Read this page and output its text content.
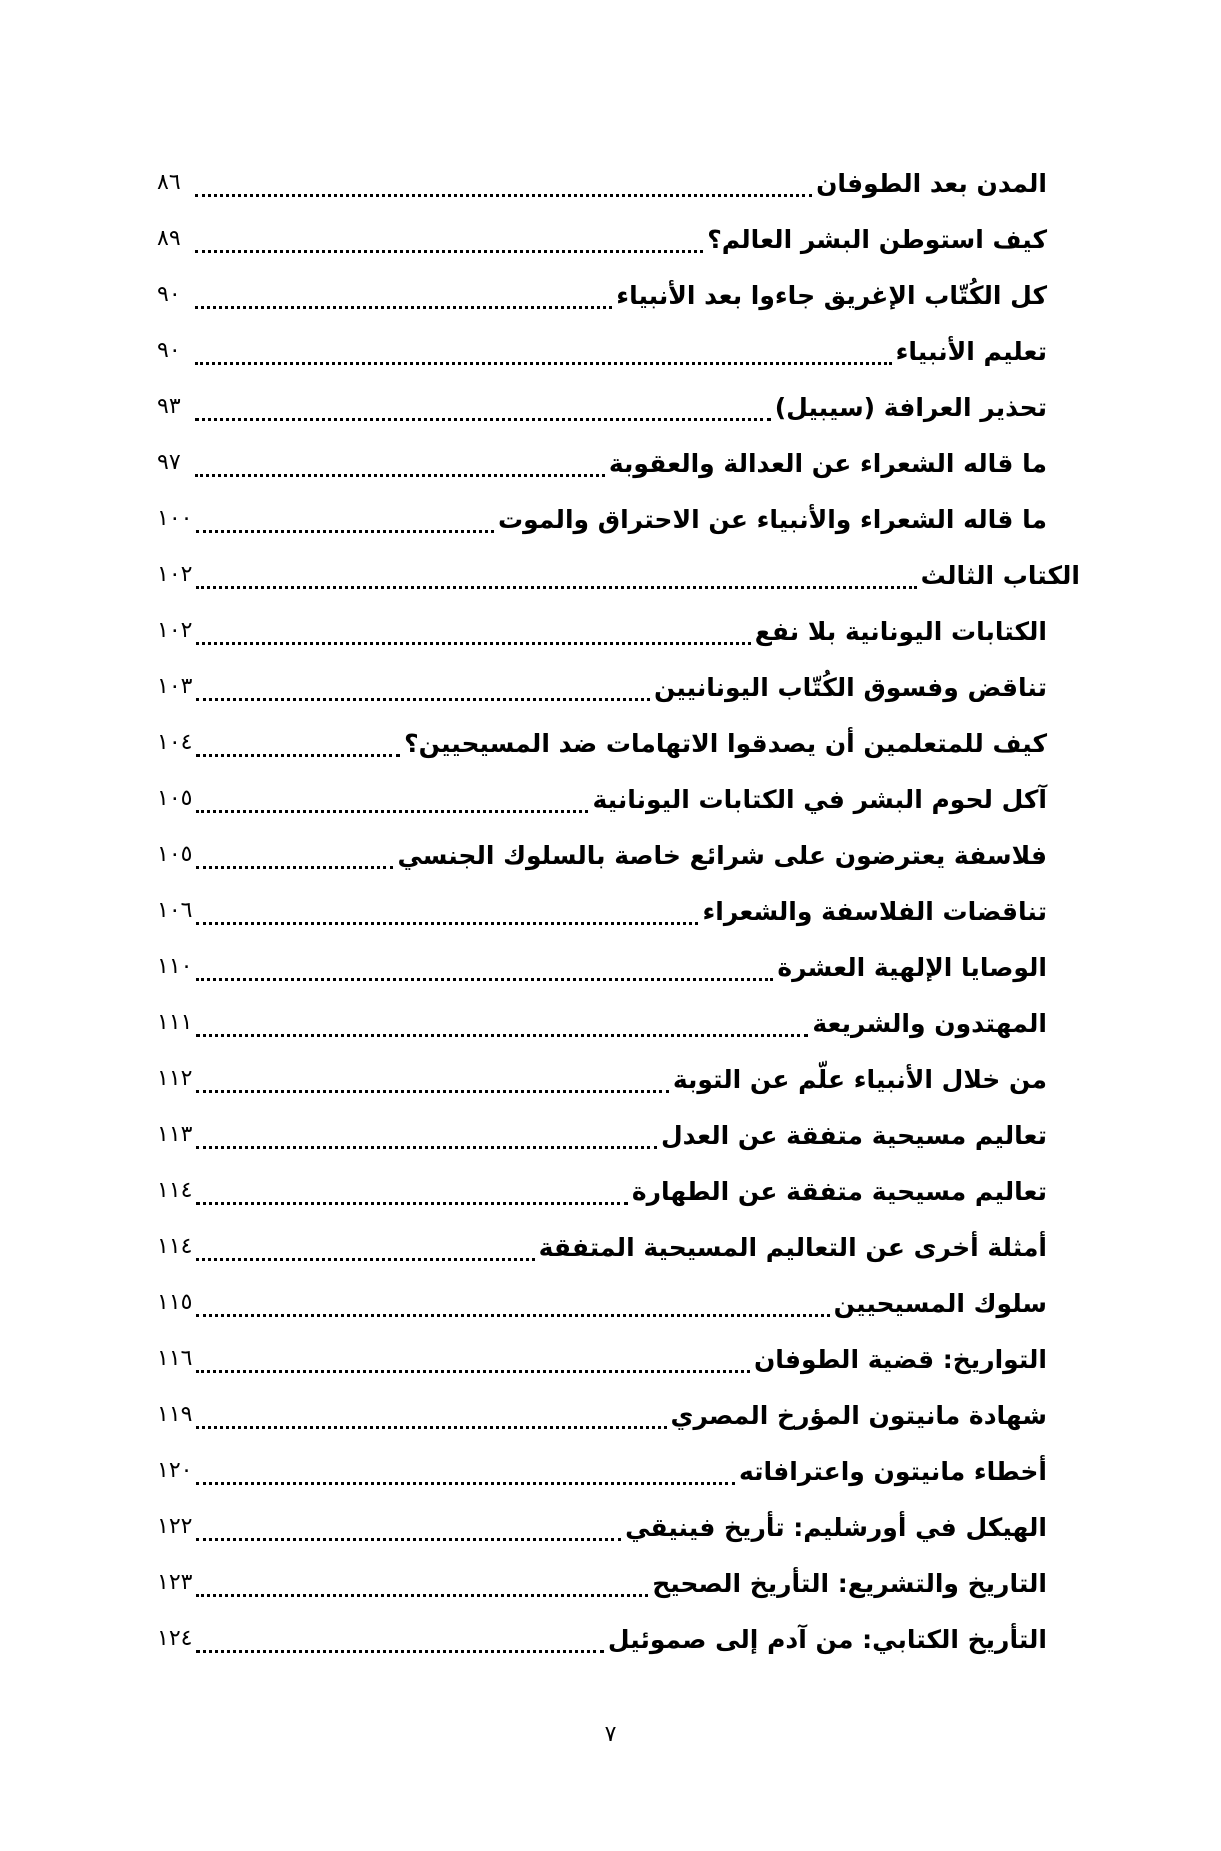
المدن بعد الطوفان
٨٦
كيف استوطن البشر العالم؟
٨٩
كل الكُتّاب الإغريق جاءوا بعد الأنبياء
٩٠
تعليم الأنبياء
٩٠
تحذير العرافة (سيبيل)
٩٣
ما قاله الشعراء عن العدالة والعقوبة
٩٧
ما قاله الشعراء والأنبياء عن الاحتراق والموت
١٠٠
الكتاب الثالث
١٠٢
الكتابات اليونانية بلا نفع
١٠٢
تناقض وفسوق الكُتّاب اليونانيين
١٠٣
كيف للمتعلمين أن يصدقوا الاتهامات ضد المسيحيين؟
١٠٤
آكل لحوم البشر في الكتابات اليونانية
١٠٥
فلاسفة يعترضون على شرائع خاصة بالسلوك الجنسي
١٠٥
تناقضات الفلاسفة والشعراء
١٠٦
الوصايا الإلهية العشرة
١١٠
المهتدون والشريعة
١١١
من خلال الأنبياء علّم عن التوبة
١١٢
تعاليم مسيحية متفقة عن العدل
١١٣
تعاليم مسيحية متفقة عن الطهارة
١١٤
أمثلة أخرى عن التعاليم المسيحية المتفقة
١١٤
سلوك المسيحيين
١١٥
التواريخ: قضية الطوفان
١١٦
شهادة مانيتون المؤرخ المصري
١١٩
أخطاء مانيتون واعترافاته
١٢٠
الهيكل في أورشليم: تأريخ فينيقي
١٢٢
التاريخ والتشريع: التأريخ الصحيح
١٢٣
التأريخ الكتابي: من آدم إلى صموئيل
١٢٤
٧
